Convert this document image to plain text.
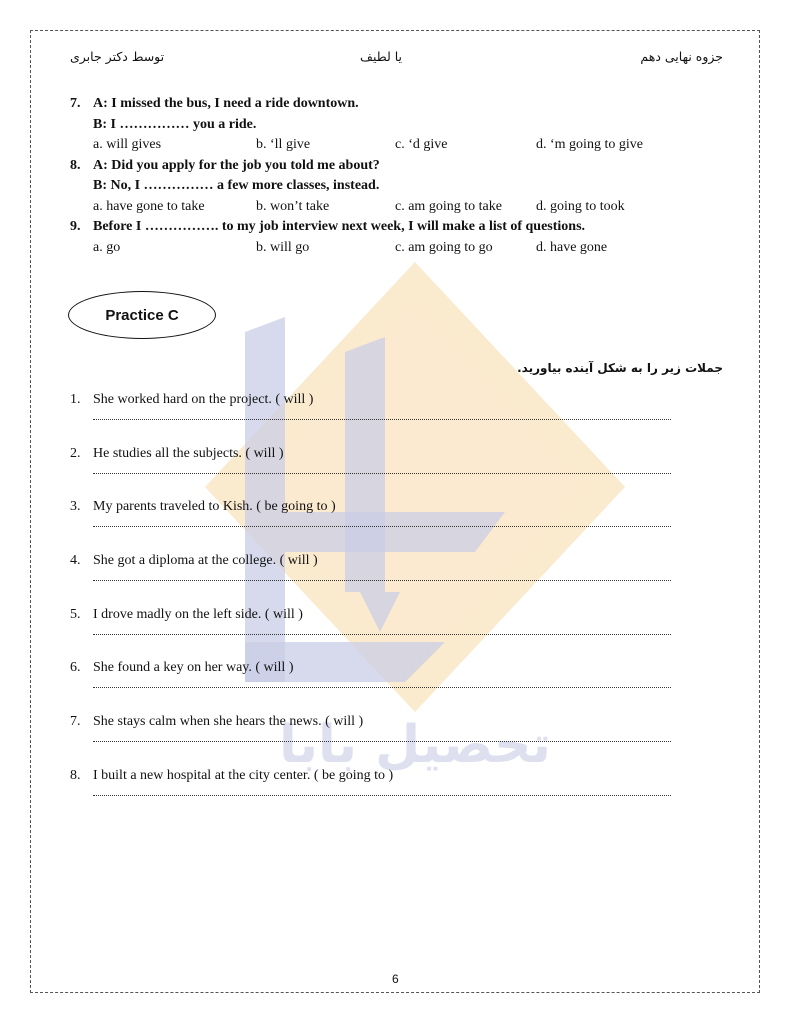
جزوه نهایی دهم
یا لطیف
توسط دکتر جابری
تحصیل بابا
7. A: I missed the bus, I need a ride downtown.
B: I …………… you a ride.
a. will gives	b. ‘ll give	c. ‘d give	d. ‘m going to give
8. A: Did you apply for the job you told me about?
B: No, I …………… a few more classes, instead.
a. have gone to take	b. won’t take	c. am going to take d. going to took
9. Before I ……………. to my job interview next week, I will make a list of questions.
a. go	b. will go	c. am going to go	d. have gone
Practice C
جملات زیر را به شکل آینده بیاورید.
1. She worked hard on the project. ( will )
2. He studies all the subjects. ( will )
3. My parents traveled to Kish. ( be going to )
4. She got a diploma at the college. ( will )
5. I drove madly on the left side. ( will )
6. She found a key on her way. ( will )
7. She stays calm when she hears the news. ( will )
8. I built a new hospital at the city center. ( be going to )
6
